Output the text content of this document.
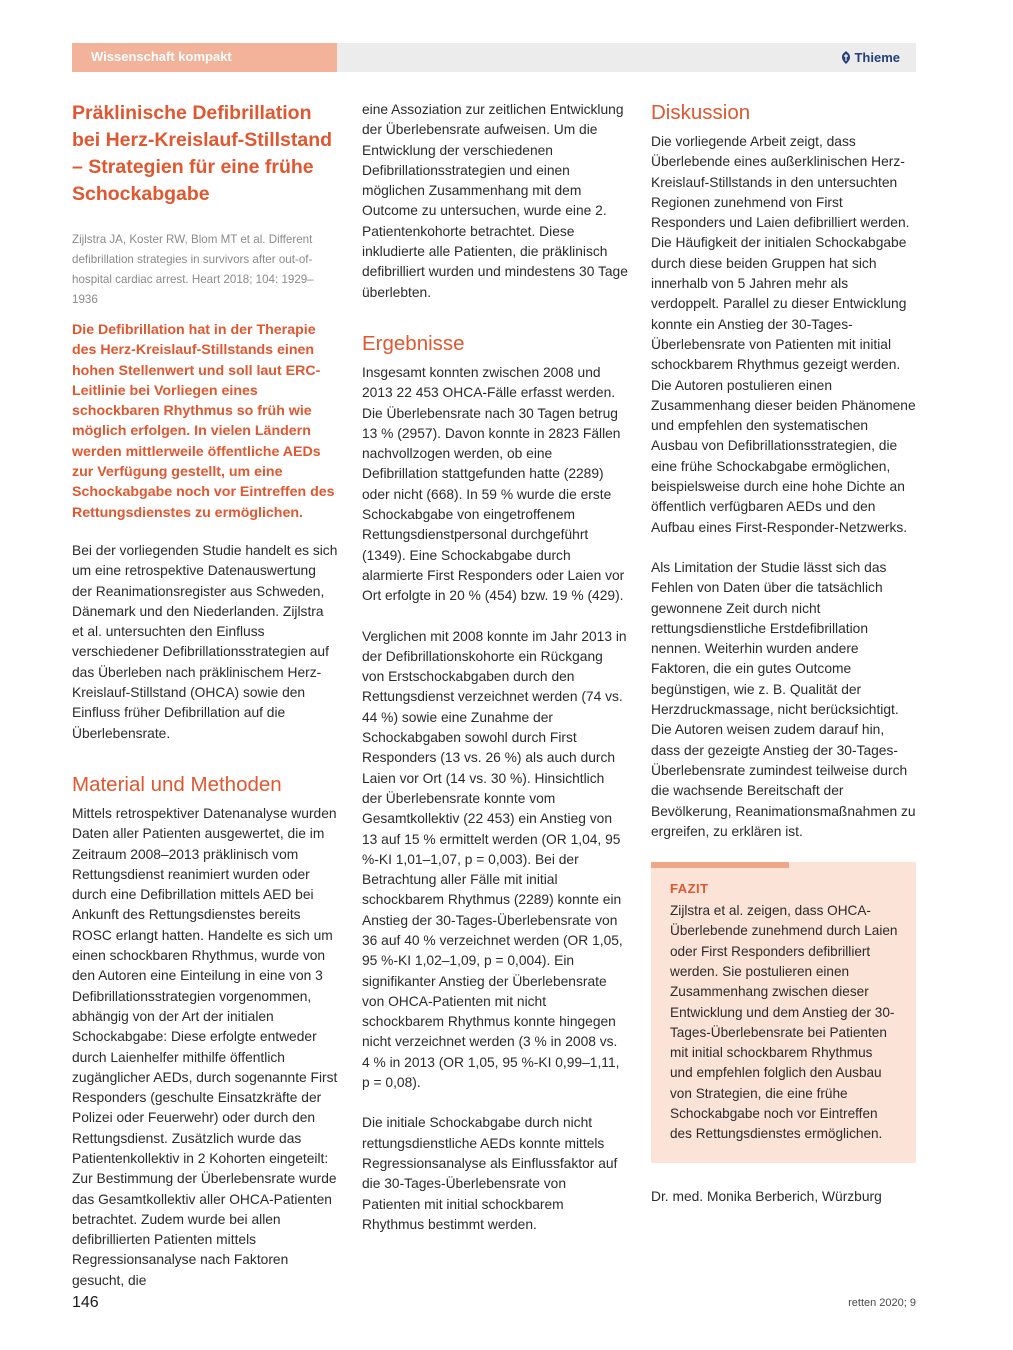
Wissenschaft kompakt	Thieme
Präklinische Defibrillation bei Herz-Kreislauf-Stillstand – Strategien für eine frühe Schockabgabe

Zijlstra JA, Koster RW, Blom MT et al. Different defibrillation strategies in survivors after out-of-hospital cardiac arrest. Heart 2018; 104: 1929–1936

Die Defibrillation hat in der Therapie des Herz-Kreislauf-Stillstands einen hohen Stellenwert und soll laut ERC-Leitlinie bei Vorliegen eines schockbaren Rhythmus so früh wie möglich erfolgen. In vielen Ländern werden mittlerweile öffentliche AEDs zur Verfügung gestellt, um eine Schockabgabe noch vor Eintreffen des Rettungsdienstes zu ermöglichen.

Bei der vorliegenden Studie handelt es sich um eine retrospektive Datenauswertung der Reanimationsregister aus Schweden, Dänemark und den Niederlanden. Zijlstra et al. untersuchten den Einfluss verschiedener Defibrillationsstrategien auf das Überleben nach präklinischem Herz-Kreislauf-Stillstand (OHCA) sowie den Einfluss früher Defibrillation auf die Überlebensrate.

Material und Methoden

Mittels retrospektiver Datenanalyse wurden Daten aller Patienten ausgewertet, die im Zeitraum 2008–2013 präklinisch vom Rettungsdienst reanimiert wurden oder durch eine Defibrillation mittels AED bei Ankunft des Rettungsdienstes bereits ROSC erlangt hatten. Handelte es sich um einen schockbaren Rhythmus, wurde von den Autoren eine Einteilung in eine von 3 Defibrillationsstrategien vorgenommen, abhängig von der Art der initialen Schockabgabe: Diese erfolgte entweder durch Laienhelfer mithilfe öffentlich zugänglicher AEDs, durch sogenannte First Responders (geschulte Einsatzkräfte der Polizei oder Feuerwehr) oder durch den Rettungsdienst. Zusätzlich wurde das Patientenkollektiv in 2 Kohorten eingeteilt: Zur Bestimmung der Überlebensrate wurde das Gesamtkollektiv aller OHCA-Patienten betrachtet. Zudem wurde bei allen defibrillierten Patienten mittels Regressionsanalyse nach Faktoren gesucht, die

eine Assoziation zur zeitlichen Entwicklung der Überlebensrate aufweisen. Um die Entwicklung der verschiedenen Defibrillationsstrategien und einen möglichen Zusammenhang mit dem Outcome zu untersuchen, wurde eine 2. Patientenkohorte betrachtet. Diese inkludierte alle Patienten, die präklinisch defibrilliert wurden und mindestens 30 Tage überlebten.

Ergebnisse

Insgesamt konnten zwischen 2008 und 2013 22 453 OHCA-Fälle erfasst werden. Die Überlebensrate nach 30 Tagen betrug 13 % (2957). Davon konnte in 2823 Fällen nachvollzogen werden, ob eine Defibrillation stattgefunden hatte (2289) oder nicht (668). In 59 % wurde die erste Schockabgabe von eingetroffenem Rettungsdienstpersonal durchgeführt (1349). Eine Schockabgabe durch alarmierte First Responders oder Laien vor Ort erfolgte in 20 % (454) bzw. 19 % (429).

Verglichen mit 2008 konnte im Jahr 2013 in der Defibrillationskohorte ein Rückgang von Erstschockabgaben durch den Rettungsdienst verzeichnet werden (74 vs. 44 %) sowie eine Zunahme der Schockabgaben sowohl durch First Responders (13 vs. 26 %) als auch durch Laien vor Ort (14 vs. 30 %). Hinsichtlich der Überlebensrate konnte vom Gesamtkollektiv (22 453) ein Anstieg von 13 auf 15 % ermittelt werden (OR 1,04, 95 %-KI 1,01–1,07, p = 0,003). Bei der Betrachtung aller Fälle mit initial schockbarem Rhythmus (2289) konnte ein Anstieg der 30-Tages-Überlebensrate von 36 auf 40 % verzeichnet werden (OR 1,05, 95 %-KI 1,02–1,09, p = 0,004). Ein signifikanter Anstieg der Überlebensrate von OHCA-Patienten mit nicht schockbarem Rhythmus konnte hingegen nicht verzeichnet werden (3 % in 2008 vs. 4 % in 2013 (OR 1,05, 95 %-KI 0,99–1,11, p = 0,08).

Die initiale Schockabgabe durch nicht rettungsdienstliche AEDs konnte mittels Regressionsanalyse als Einflussfaktor auf die 30-Tages-Überlebensrate von Patienten mit initial schockbarem Rhythmus bestimmt werden.

Diskussion

Die vorliegende Arbeit zeigt, dass Überlebende eines außerklinischen Herz-Kreislauf-Stillstands in den untersuchten Regionen zunehmend von First Responders und Laien defibrilliert werden. Die Häufigkeit der initialen Schockabgabe durch diese beiden Gruppen hat sich innerhalb von 5 Jahren mehr als verdoppelt. Parallel zu dieser Entwicklung konnte ein Anstieg der 30-Tages-Überlebensrate von Patienten mit initial schockbarem Rhythmus gezeigt werden. Die Autoren postulieren einen Zusammenhang dieser beiden Phänomene und empfehlen den systematischen Ausbau von Defibrillationsstrategien, die eine frühe Schockabgabe ermöglichen, beispielsweise durch eine hohe Dichte an öffentlich verfügbaren AEDs und den Aufbau eines First-Responder-Netzwerks.

Als Limitation der Studie lässt sich das Fehlen von Daten über die tatsächlich gewonnene Zeit durch nicht rettungsdienstliche Erstdefibrillation nennen. Weiterhin wurden andere Faktoren, die ein gutes Outcome begünstigen, wie z. B. Qualität der Herzdruckmassage, nicht berücksichtigt. Die Autoren weisen zudem darauf hin, dass der gezeigte Anstieg der 30-Tages-Überlebensrate zumindest teilweise durch die wachsende Bereitschaft der Bevölkerung, Reanimationsmaßnahmen zu ergreifen, zu erklären ist.

FAZIT

Zijlstra et al. zeigen, dass OHCA-Überlebende zunehmend durch Laien oder First Responders defibrilliert werden. Sie postulieren einen Zusammenhang zwischen dieser Entwicklung und dem Anstieg der 30-Tages-Überlebensrate bei Patienten mit initial schockbarem Rhythmus und empfehlen folglich den Ausbau von Strategien, die eine frühe Schockabgabe noch vor Eintreffen des Rettungsdienstes ermöglichen.

Dr. med. Monika Berberich, Würzburg
146	retten 2020; 9
